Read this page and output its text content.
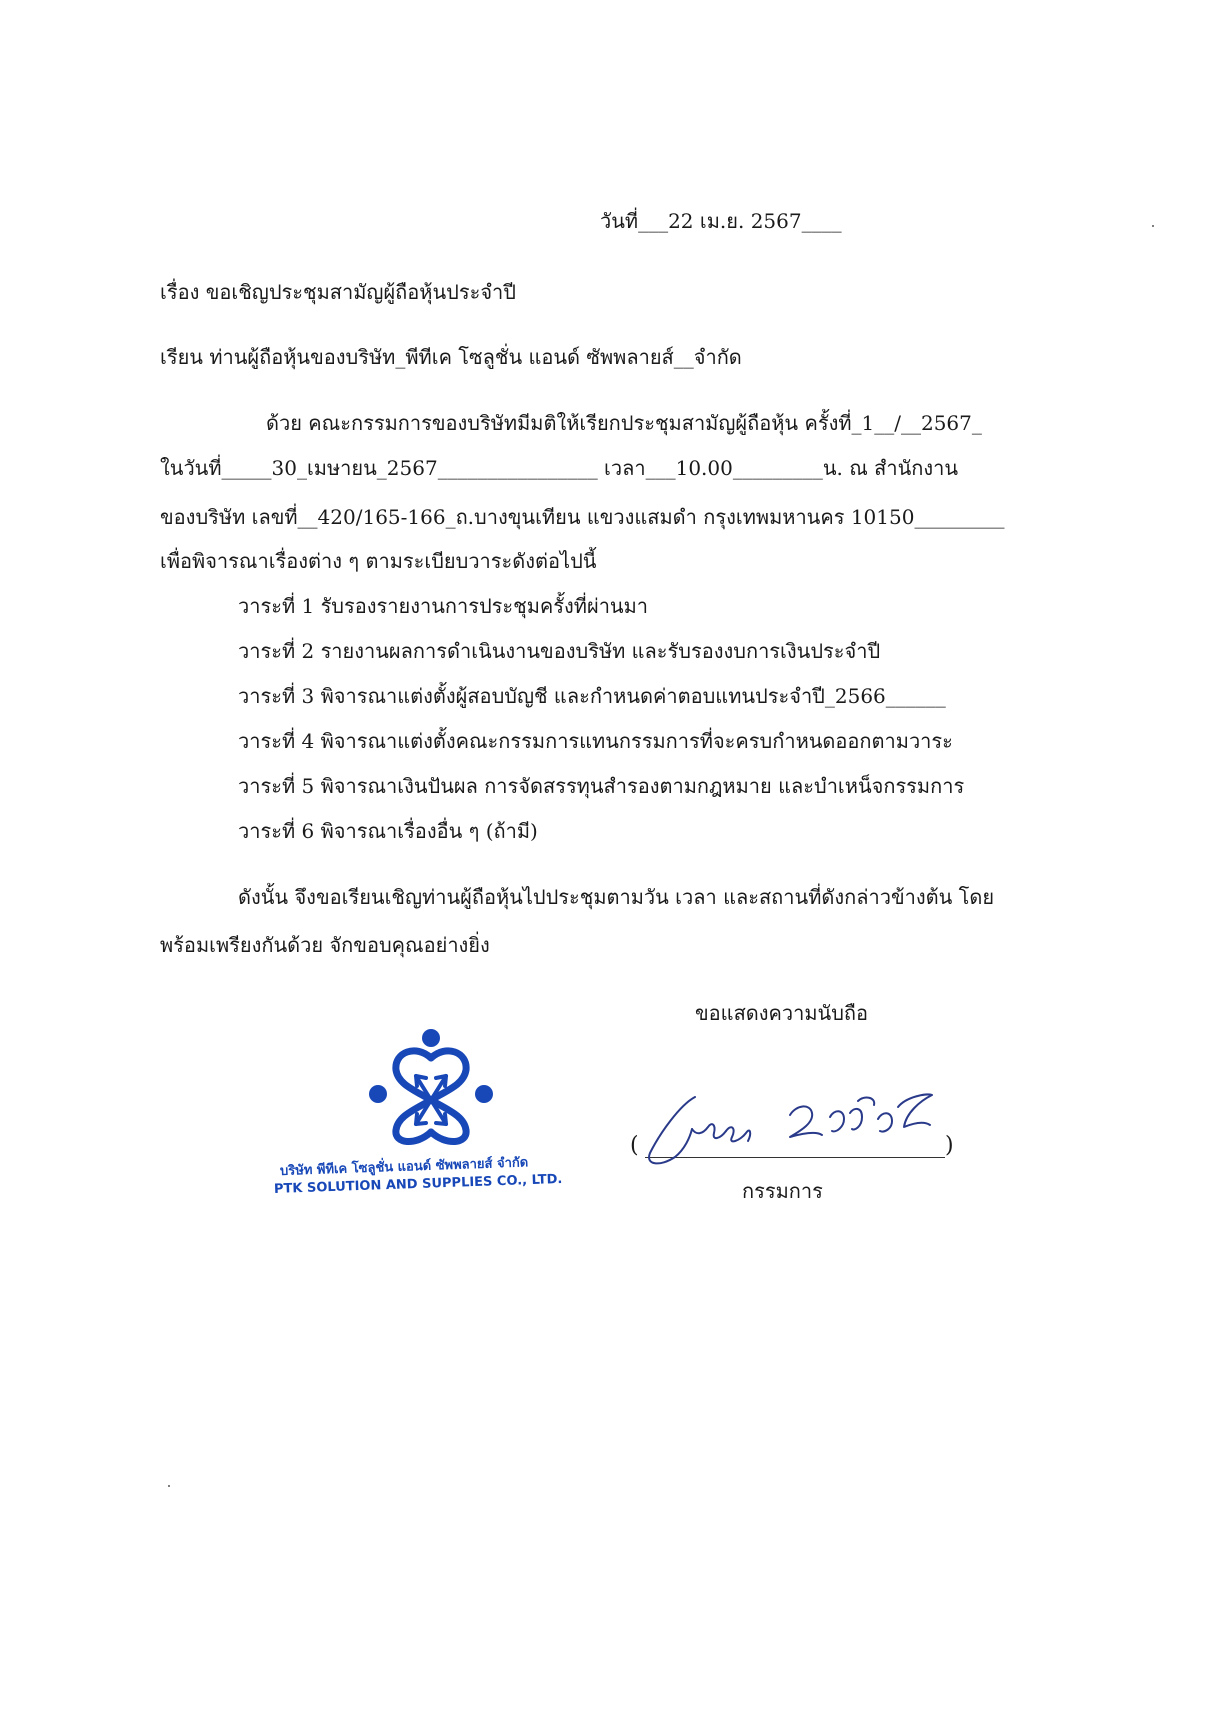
วันที่___22 เม.ย. 2567____
เรื่อง ขอเชิญประชุมสามัญผู้ถือหุ้นประจำปี
เรียน ท่านผู้ถือหุ้นของบริษัท_พีทีเค โซลูชั่น แอนด์ ซัพพลายส์__จำกัด
ด้วย คณะกรรมการของบริษัทมีมติให้เรียกประชุมสามัญผู้ถือหุ้น ครั้งที่_1__/__2567_
ในวันที่_____30_เมษายน_2567________________ เวลา___10.00_________น. ณ สำนักงาน
ของบริษัท เลขที่__420/165-166_ถ.บางขุนเทียน แขวงแสมดำ กรุงเทพมหานคร 10150_________
เพื่อพิจารณาเรื่องต่าง ๆ ตามระเบียบวาระดังต่อไปนี้
วาระที่ 1 รับรองรายงานการประชุมครั้งที่ผ่านมา
วาระที่ 2 รายงานผลการดำเนินงานของบริษัท และรับรองงบการเงินประจำปี
วาระที่ 3 พิจารณาแต่งตั้งผู้สอบบัญชี และกำหนดค่าตอบแทนประจำปี_2566______
วาระที่ 4 พิจารณาแต่งตั้งคณะกรรมการแทนกรรมการที่จะครบกำหนดออกตามวาระ
วาระที่ 5 พิจารณาเงินปันผล การจัดสรรทุนสำรองตามกฎหมาย และบำเหน็จกรรมการ
วาระที่ 6 พิจารณาเรื่องอื่น ๆ (ถ้ามี)
ดังนั้น จึงขอเรียนเชิญท่านผู้ถือหุ้นไปประชุมตามวัน เวลา และสถานที่ดังกล่าวข้างต้น โดย
พร้อมเพรียงกันด้วย จักขอบคุณอย่างยิ่ง
ขอแสดงความนับถือ
บริษัท พีทีเค โซลูชั่น แอนด์ ซัพพลายส์ จำกัด
PTK SOLUTION AND SUPPLIES CO., LTD.
(	)
กรรมการ
